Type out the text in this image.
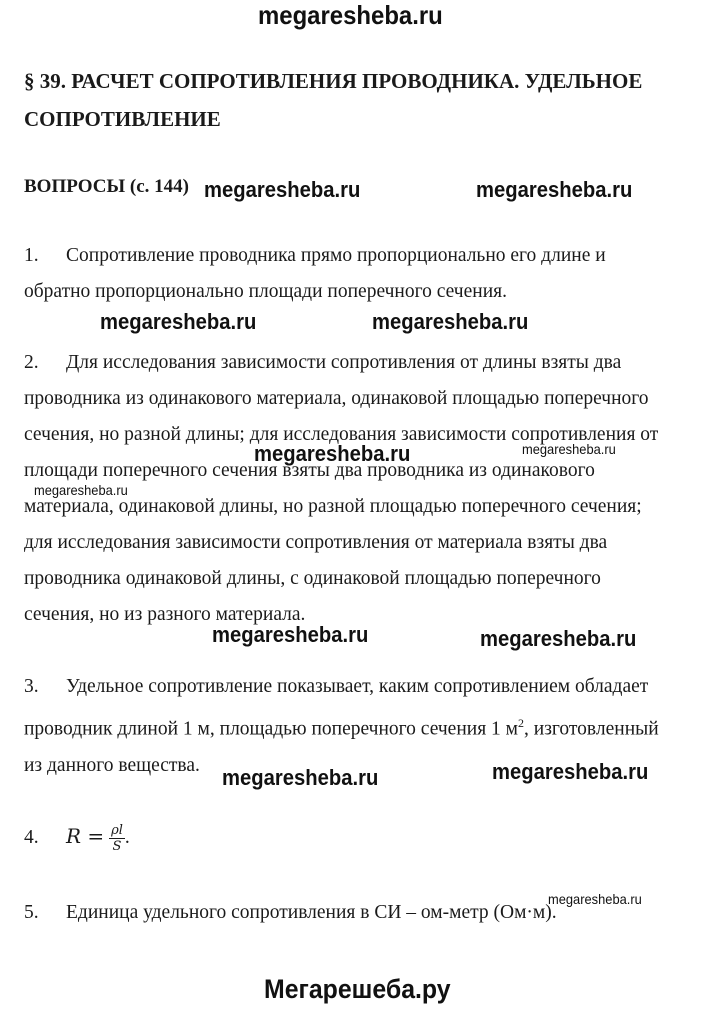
megaresheba.ru
§ 39. РАСЧЕТ СОПРОТИВЛЕНИЯ ПРОВОДНИКА. УДЕЛЬНОЕ СОПРОТИВЛЕНИЕ
ВОПРОСЫ (с. 144)
1. Сопротивление проводника прямо пропорционально его длине и обратно пропорционально площади поперечного сечения.
2. Для исследования зависимости сопротивления от длины взяты два проводника из одинакового материала, одинаковой площадью поперечного сечения, но разной длины; для исследования зависимости сопротивления от площади поперечного сечения взяты два проводника из одинакового материала, одинаковой длины, но разной площадью поперечного сечения; для исследования зависимости сопротивления от материала взяты два проводника одинаковой длины, с одинаковой площадью поперечного сечения, но из разного материала.
3. Удельное сопротивление показывает, каким сопротивлением обладает проводник длиной 1 м, площадью поперечного сечения 1 $м^2$, изготовленный из данного вещества.
4. $R = \frac{\rho l}{S}$ .
5. Единица удельного сопротивления в СИ – ом-метр (Ом·м).
megaresheba.ru	megaresheba.ru
megaresheba.ru	megaresheba.ru
megaresheba.ru	megaresheba.ru
megaresheba.ru
megaresheba.ru	megaresheba.ru
megaresheba.ru	megaresheba.ru
megaresheba.ru
Мегарешеба.ру
